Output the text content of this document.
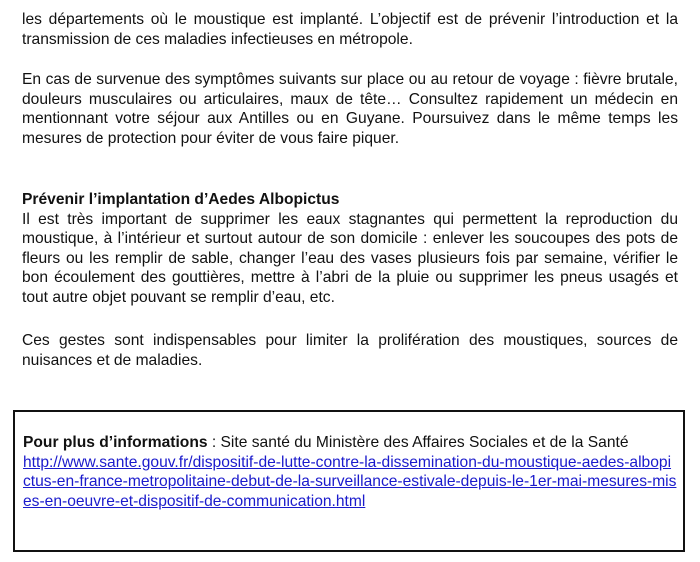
les départements où le moustique est implanté. L’objectif est de prévenir l’introduction et la transmission de ces maladies infectieuses en métropole.

En cas de survenue des symptômes suivants sur place ou au retour de voyage : fièvre brutale, douleurs musculaires ou articulaires, maux de tête… Consultez rapidement un médecin en mentionnant votre séjour aux Antilles ou en Guyane. Poursuivez dans le même temps les mesures de protection pour éviter de vous faire piquer.

Prévenir l’implantation d’Aedes Albopictus
Il est très important de supprimer les eaux stagnantes qui permettent la reproduction du moustique, à l’intérieur et surtout autour de son domicile : enlever les soucoupes des pots de fleurs ou les remplir de sable, changer l’eau des vases plusieurs fois par semaine, vérifier le bon écoulement des gouttières, mettre à l’abri de la pluie ou supprimer les pneus usagés et tout autre objet pouvant se remplir d’eau, etc.

Ces gestes sont indispensables pour limiter la prolifération des moustiques, sources de nuisances et de maladies.

Pour plus d’informations : Site santé du Ministère des Affaires Sociales et de la Santé
http://www.sante.gouv.fr/dispositif-de-lutte-contre-la-dissemination-du-moustique-aedes-albopictus-en-france-metropolitaine-debut-de-la-surveillance-estivale-depuis-le-1er-mai-mesures-mises-en-oeuvre-et-dispositif-de-communication.html
